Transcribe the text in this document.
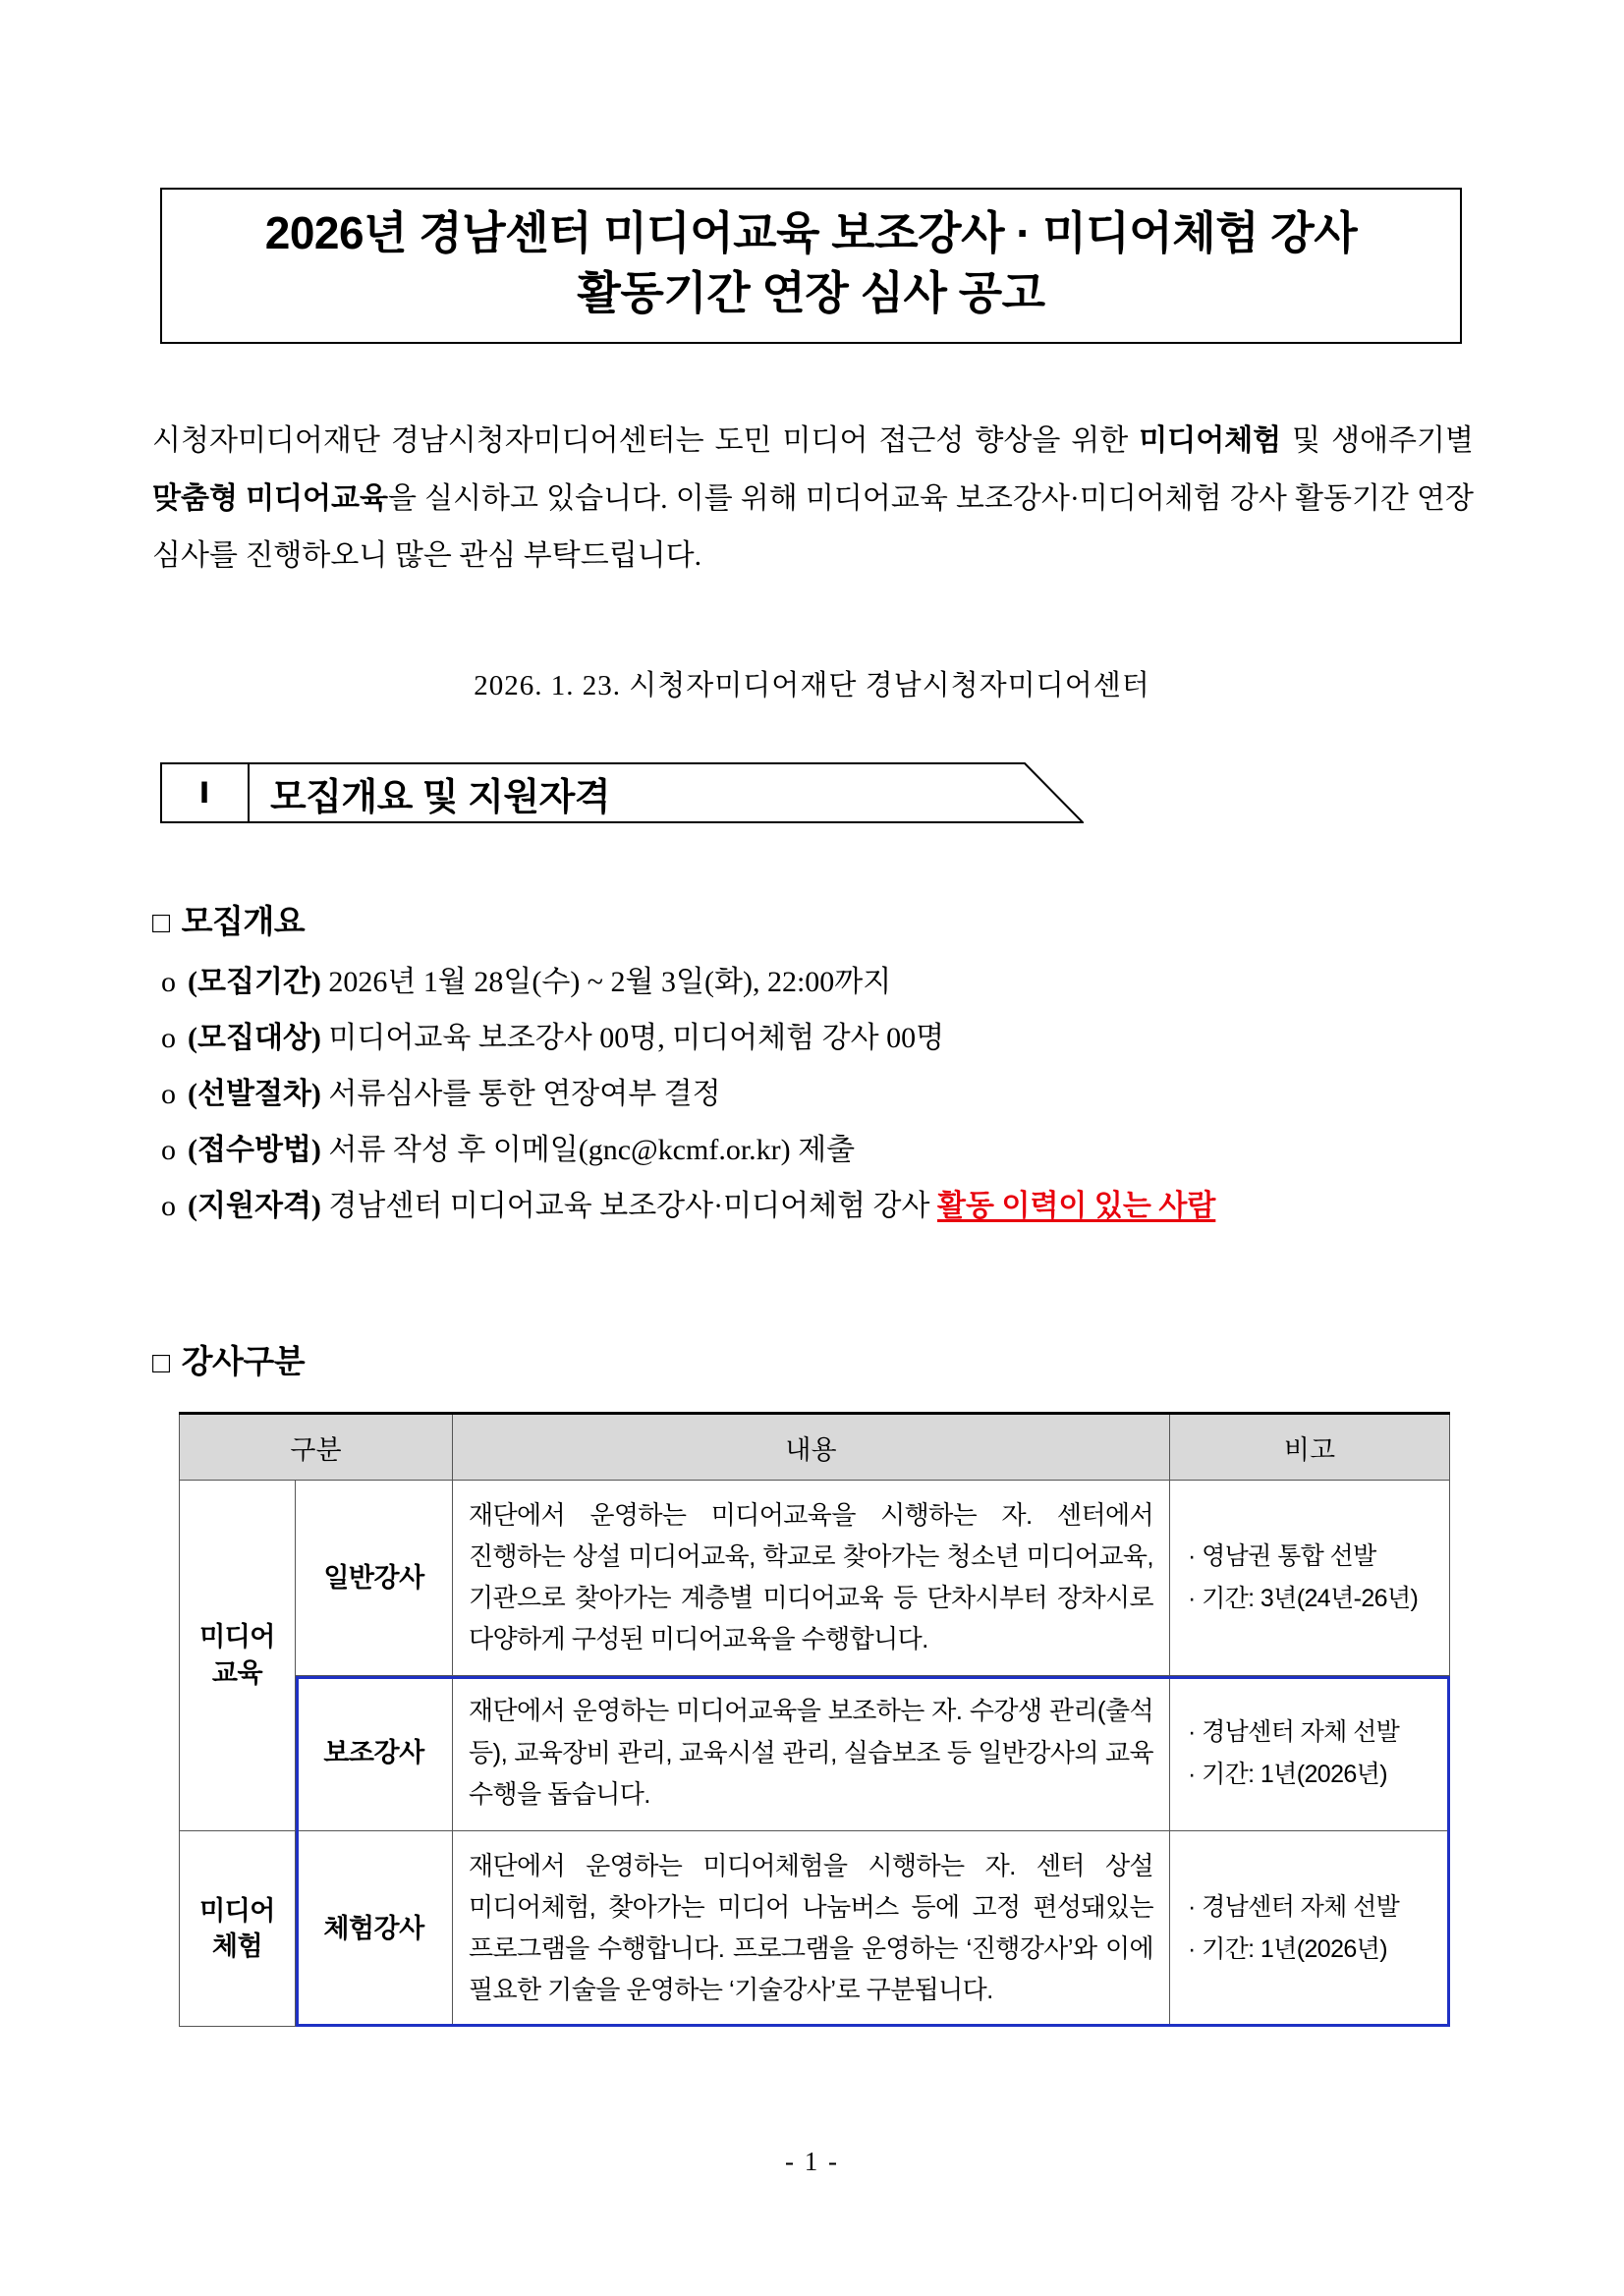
2026년 경남센터 미디어교육 보조강사 · 미디어체험 강사
활동기간 연장 심사 공고
시청자미디어재단 경남시청자미디어센터는 도민 미디어 접근성 향상을 위한 미디어체험 및 생애주기별 맞춤형 미디어교육을 실시하고 있습니다. 이를 위해 미디어교육 보조강사·미디어체험 강사 활동기간 연장 심사를 진행하오니 많은 관심 부탁드립니다.
2026. 1. 23. 시청자미디어재단 경남시청자미디어센터
Ⅰ	모집개요 및 지원자격
□ 모집개요
o (모집기간) 2026년 1월 28일(수) ~ 2월 3일(화), 22:00까지
o (모집대상) 미디어교육 보조강사 00명, 미디어체험 강사 00명
o (선발절차) 서류심사를 통한 연장여부 결정
o (접수방법) 서류 작성 후 이메일(gnc@kcmf.or.kr) 제출
o (지원자격) 경남센터 미디어교육 보조강사·미디어체험 강사 활동 이력이 있는 사람
□ 강사구분
구분		내용	비고
미디어
교육	일반강사	재단에서 운영하는 미디어교육을 시행하는 자. 센터에서 진행하는 상설 미디어교육, 학교로 찾아가는 청소년 미디어교육, 기관으로 찾아가는 계층별 미디어교육 등 단차시부터 장차시로 다양하게 구성된 미디어교육을 수행합니다.	· 영남권 통합 선발
· 기간: 3년(24년-26년)
	보조강사	재단에서 운영하는 미디어교육을 보조하는 자. 수강생 관리(출석 등), 교육장비 관리, 교육시설 관리, 실습보조 등 일반강사의 교육 수행을 돕습니다.	· 경남센터 자체 선발
· 기간: 1년(2026년)
미디어
체험	체험강사	재단에서 운영하는 미디어체험을 시행하는 자. 센터 상설 미디어체험, 찾아가는 미디어 나눔버스 등에 고정 편성돼있는 프로그램을 수행합니다. 프로그램을 운영하는 ‘진행강사’와 이에 필요한 기술을 운영하는 ‘기술강사’로 구분됩니다.	· 경남센터 자체 선발
· 기간: 1년(2026년)
- 1 -
